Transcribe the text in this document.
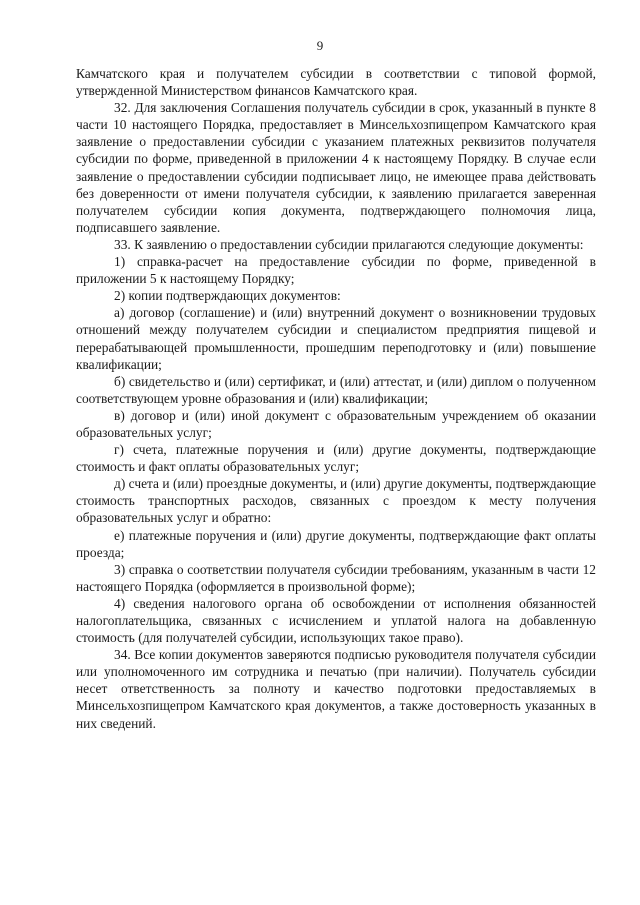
9

Камчатского края и получателем субсидии в соответствии с типовой формой, утвержденной Министерством финансов Камчатского края.

32. Для заключения Соглашения получатель субсидии в срок, указанный в пункте 8 части 10 настоящего Порядка, предоставляет в Минсельхозпищепром Камчатского края заявление о предоставлении субсидии с указанием платежных реквизитов получателя субсидии по форме, приведенной в приложении 4 к настоящему Порядку. В случае если заявление о предоставлении субсидии подписывает лицо, не имеющее права действовать без доверенности от имени получателя субсидии, к заявлению прилагается заверенная получателем субсидии копия документа, подтверждающего полномочия лица, подписавшего заявление.

33. К заявлению о предоставлении субсидии прилагаются следующие документы:

1) справка-расчет на предоставление субсидии по форме, приведенной в приложении 5 к настоящему Порядку;

2) копии подтверждающих документов:

а) договор (соглашение) и (или) внутренний документ о возникновении трудовых отношений между получателем субсидии и специалистом предприятия пищевой и перерабатывающей промышленности, прошедшим переподготовку и (или) повышение квалификации;

б) свидетельство и (или) сертификат, и (или) аттестат, и (или) диплом о полученном соответствующем уровне образования и (или) квалификации;

в) договор и (или) иной документ с образовательным учреждением об оказании образовательных услуг;

г) счета, платежные поручения и (или) другие документы, подтверждающие стоимость и факт оплаты образовательных услуг;

д) счета и (или) проездные документы, и (или) другие документы, подтверждающие стоимость транспортных расходов, связанных с проездом к месту получения образовательных услуг и обратно:

е) платежные поручения и (или) другие документы, подтверждающие факт оплаты проезда;

3) справка о соответствии получателя субсидии требованиям, указанным в части 12 настоящего Порядка (оформляется в произвольной форме);

4) сведения налогового органа об освобождении от исполнения обязанностей налогоплательщика, связанных с исчислением и уплатой налога на добавленную стоимость (для получателей субсидии, использующих такое право).

34. Все копии документов заверяются подписью руководителя получателя субсидии или уполномоченного им сотрудника и печатью (при наличии). Получатель субсидии несет ответственность за полноту и качество подготовки предоставляемых в Минсельхозпищепром Камчатского края документов, а также достоверность указанных в них сведений.
